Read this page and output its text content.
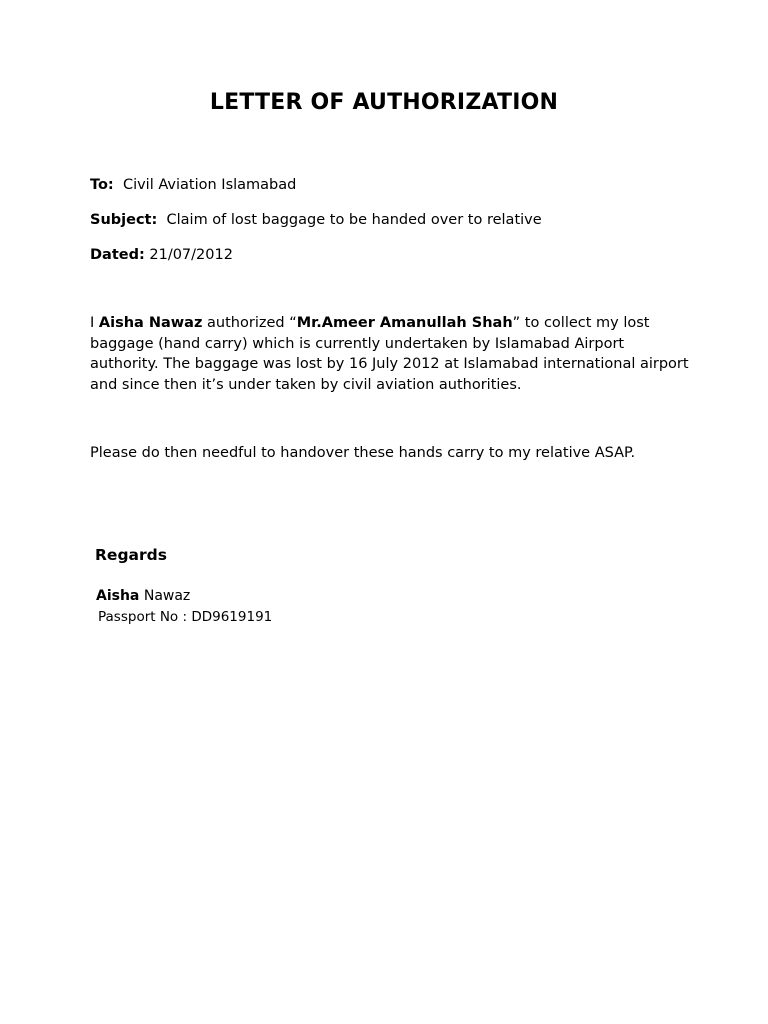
LETTER OF AUTHORIZATION
To: Civil Aviation Islamabad
Subject: Claim of lost baggage to be handed over to relative
Dated: 21/07/2012
I Aisha Nawaz authorized “Mr.Ameer Amanullah Shah” to collect my lost baggage (hand carry) which is currently undertaken by Islamabad Airport authority. The baggage was lost by 16 July 2012 at Islamabad international airport and since then it’s under taken by civil aviation authorities.
Please do then needful to handover these hands carry to my relative ASAP.
Regards
Aisha Nawaz
Passport No : DD9619191
